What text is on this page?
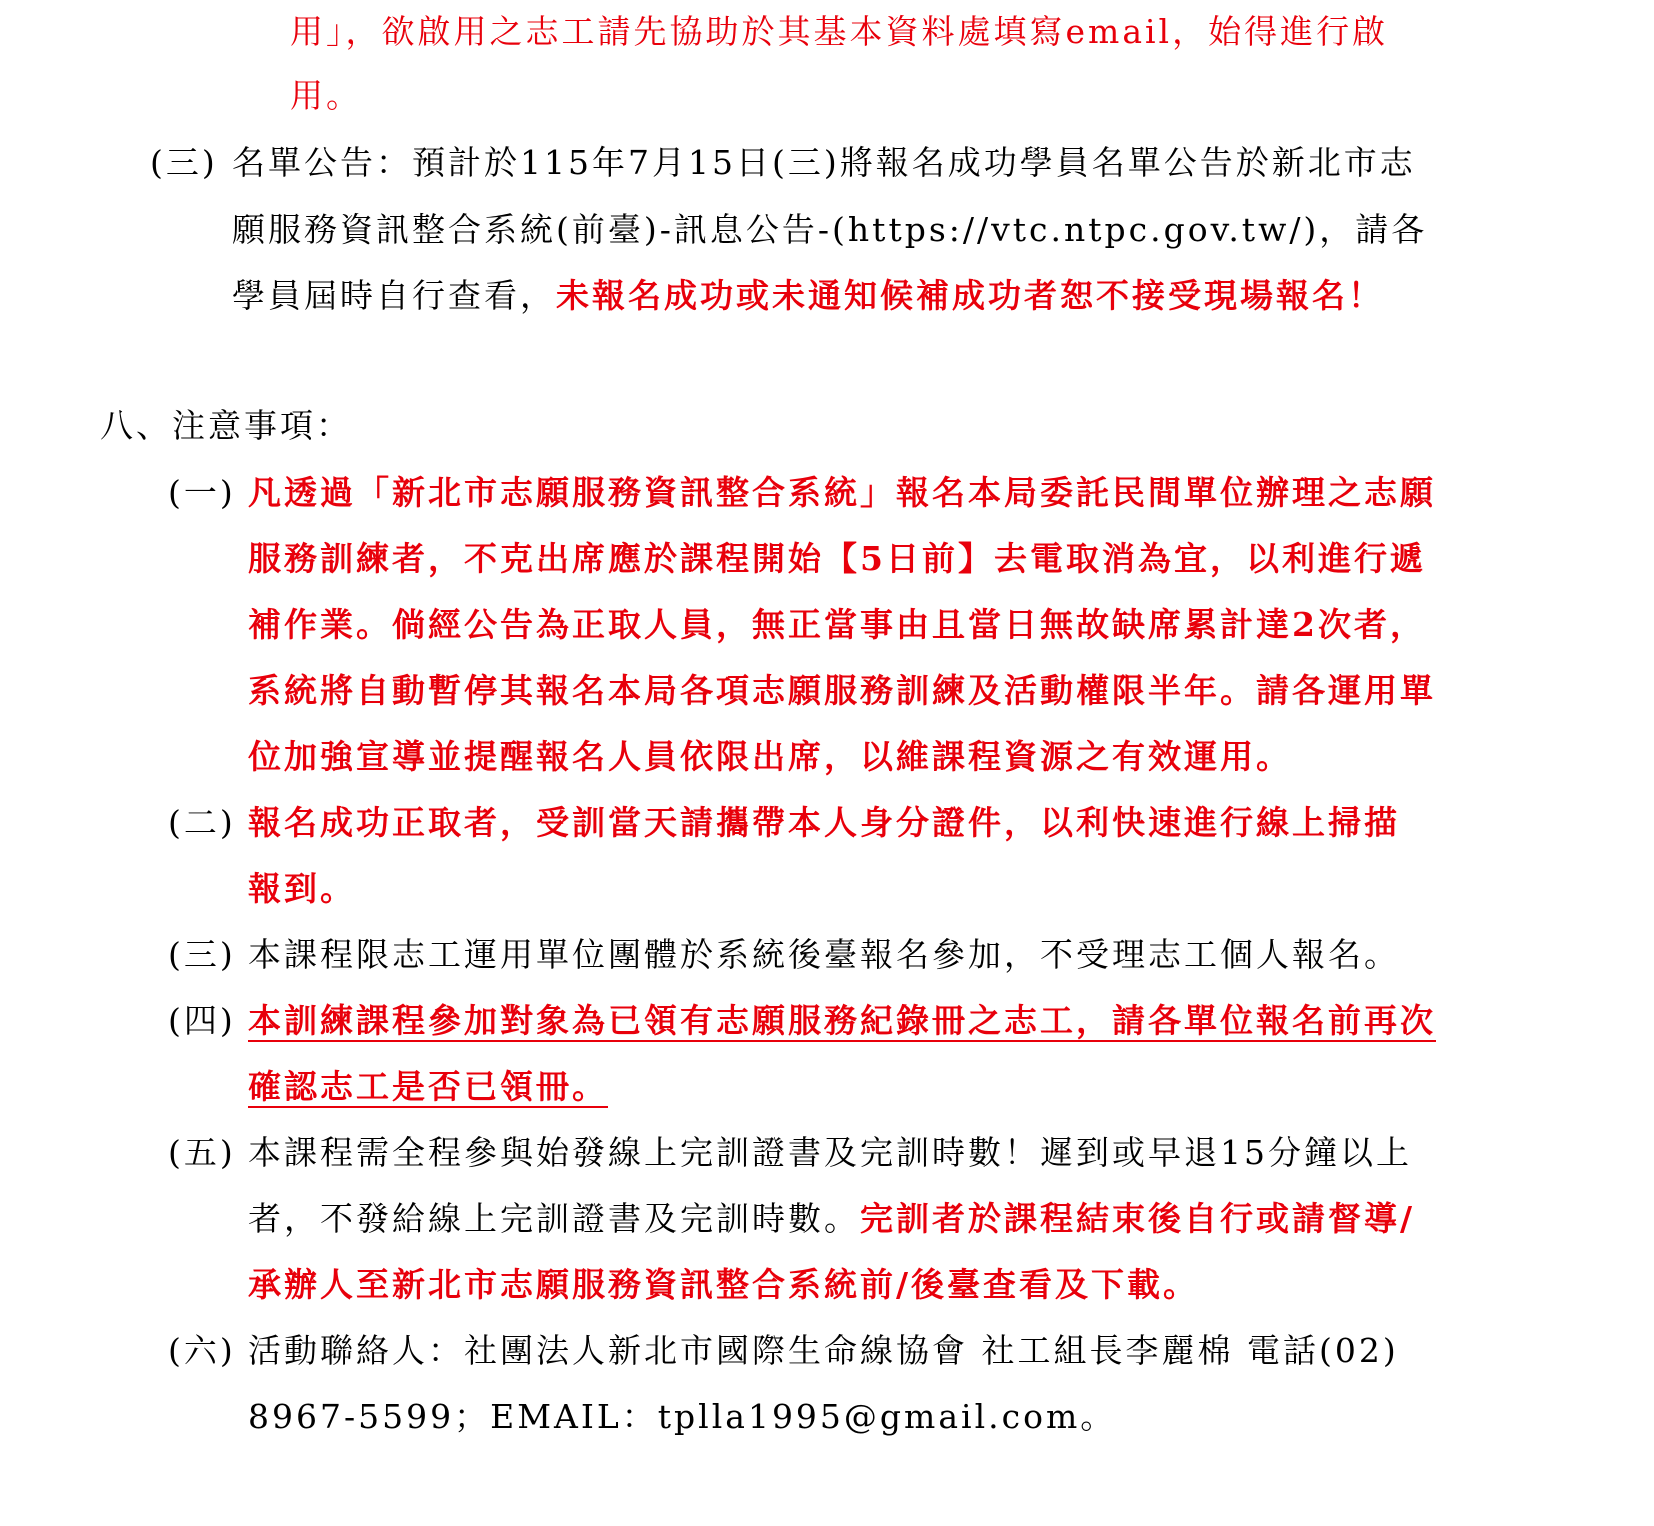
用」，欲啟用之志工請先協助於其基本資料處填寫email，始得進行啟
用。
(三) 名單公告：預計於115年7月15日(三)將報名成功學員名單公告於新北市志
願服務資訊整合系統(前臺)-訊息公告-(https://vtc.ntpc.gov.tw/)，請各
學員屆時自行查看，未報名成功或未通知候補成功者恕不接受現場報名！
八、注意事項：
(一) 凡透過「新北市志願服務資訊整合系統」報名本局委託民間單位辦理之志願
服務訓練者，不克出席應於課程開始【5日前】去電取消為宜，以利進行遞
補作業。倘經公告為正取人員，無正當事由且當日無故缺席累計達2次者，
系統將自動暫停其報名本局各項志願服務訓練及活動權限半年。請各運用單
位加強宣導並提醒報名人員依限出席，以維課程資源之有效運用。
(二) 報名成功正取者，受訓當天請攜帶本人身分證件，以利快速進行線上掃描
報到。
(三) 本課程限志工運用單位團體於系統後臺報名參加，不受理志工個人報名。
(四) 本訓練課程參加對象為已領有志願服務紀錄冊之志工，請各單位報名前再次
確認志工是否已領冊。
(五) 本課程需全程參與始發線上完訓證書及完訓時數！遲到或早退15分鐘以上
者，不發給線上完訓證書及完訓時數。完訓者於課程結束後自行或請督導/
承辦人至新北市志願服務資訊整合系統前/後臺查看及下載。
(六) 活動聯絡人：社團法人新北市國際生命線協會 社工組長李麗棉 電話(02)
8967-5599；EMAIL：tplla1995@gmail.com。
